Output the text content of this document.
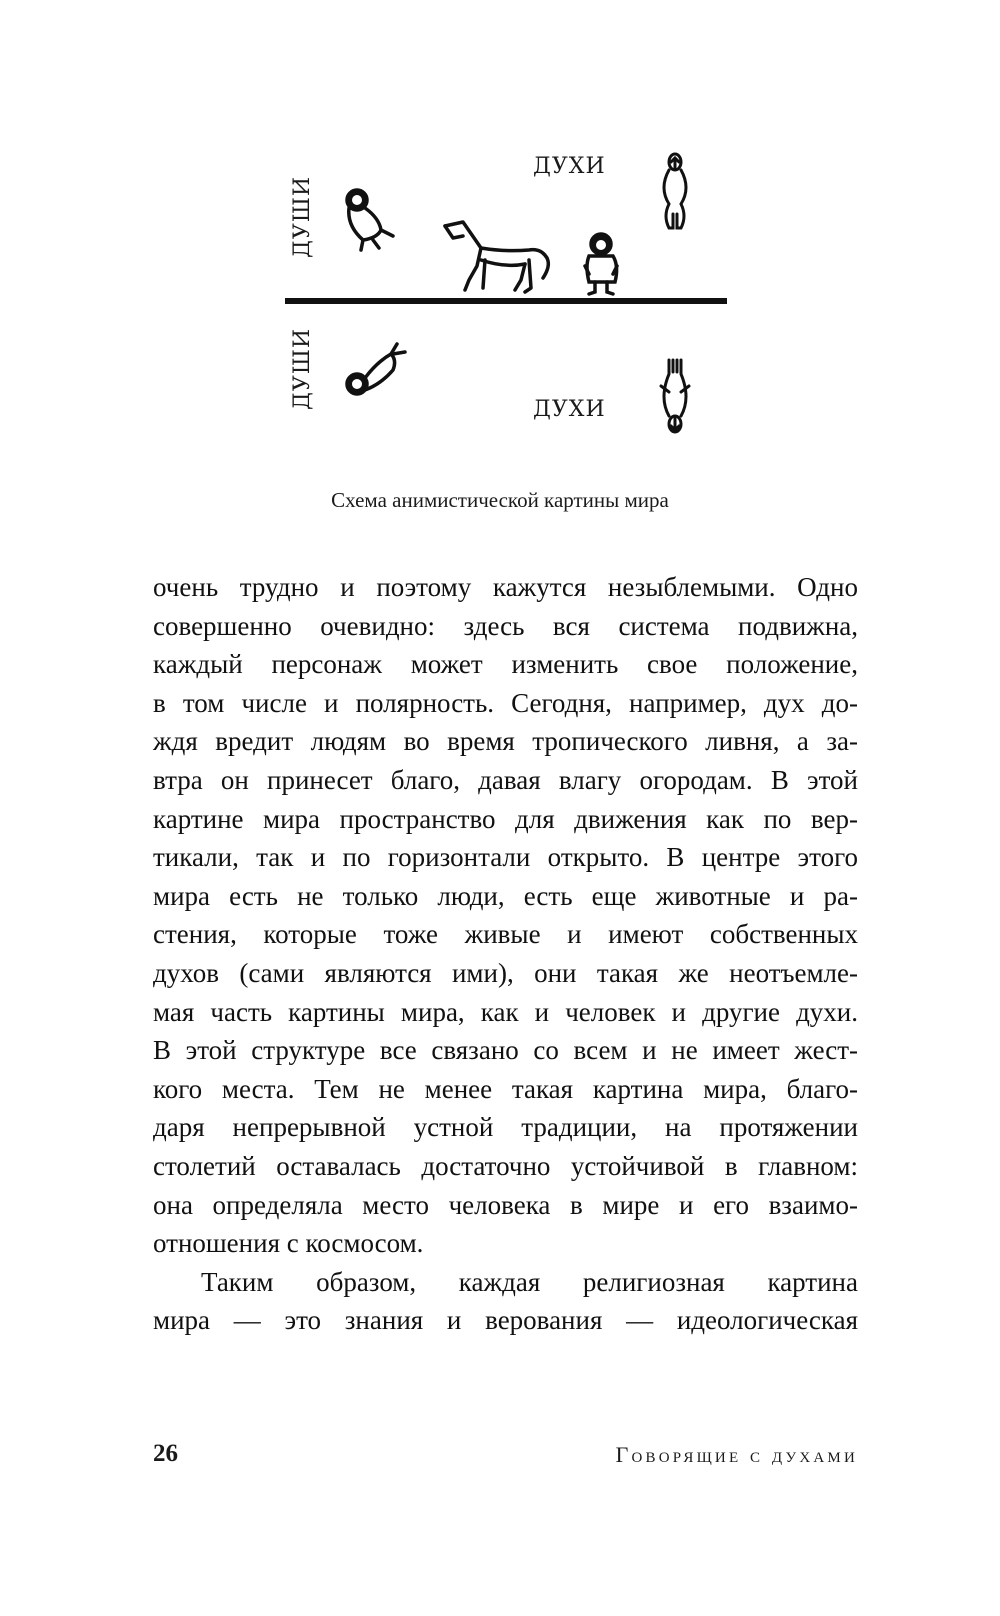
ДУШИ
ДУШИ
ДУХИ
ДУХИ
Схема анимистической картины мира
очень трудно и поэтому кажутся незыблемыми. Одно
совершенно очевидно: здесь вся система подвижна,
каждый персонаж может изменить свое положение,
в том числе и полярность. Сегодня, например, дух до-
ждя вредит людям во время тропического ливня, а за-
втра он принесет благо, давая влагу огородам. В этой
картине мира пространство для движения как по вер-
тикали, так и по горизонтали открыто. В центре этого
мира есть не только люди, есть еще животные и ра-
стения, которые тоже живые и имеют собственных
духов (сами являются ими), они такая же неотъемле-
мая часть картины мира, как и человек и другие духи.
В этой структуре все связано со всем и не имеет жест-
кого места. Тем не менее такая картина мира, благо-
даря непрерывной устной традиции, на протяжении
столетий оставалась достаточно устойчивой в главном:
она определяла место человека в мире и его взаимо-
отношения с космосом.
Таким образом, каждая религиозная картина
мира — это знания и верования — идеологическая
26	Говорящие с духами
